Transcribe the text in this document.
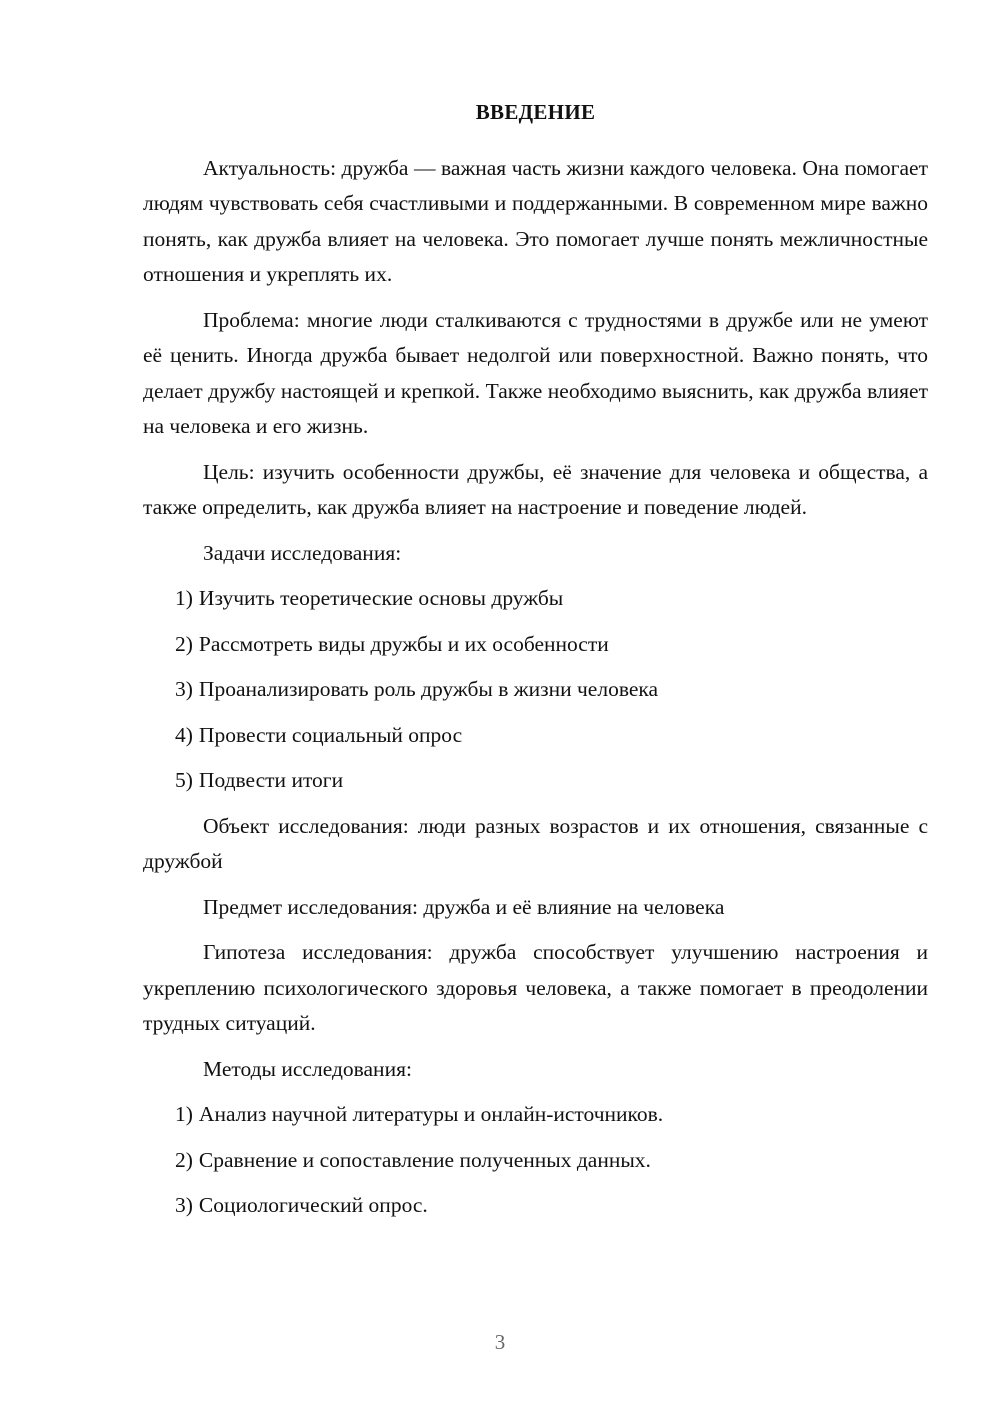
ВВЕДЕНИЕ

Актуальность: дружба — важная часть жизни каждого человека. Она помогает людям чувствовать себя счастливыми и поддержанными. В современном мире важно понять, как дружба влияет на человека. Это помогает лучше понять межличностные отношения и укреплять их.

Проблема: многие люди сталкиваются с трудностями в дружбе или не умеют её ценить. Иногда дружба бывает недолгой или поверхностной. Важно понять, что делает дружбу настоящей и крепкой. Также необходимо выяснить, как дружба влияет на человека и его жизнь.

Цель: изучить особенности дружбы, её значение для человека и общества, а также определить, как дружба влияет на настроение и поведение людей.

Задачи исследования:

1) Изучить теоретические основы дружбы
2) Рассмотреть виды дружбы и их особенности
3) Проанализировать роль дружбы в жизни человека
4) Провести социальный опрос
5) Подвести итоги

Объект исследования: люди разных возрастов и их отношения, связанные с дружбой

Предмет исследования: дружба и её влияние на человека

Гипотеза исследования: дружба способствует улучшению настроения и укреплению психологического здоровья человека, а также помогает в преодолении трудных ситуаций.

Методы исследования:

1) Анализ научной литературы и онлайн-источников.
2) Сравнение и сопоставление полученных данных.
3) Социологический опрос.
3
